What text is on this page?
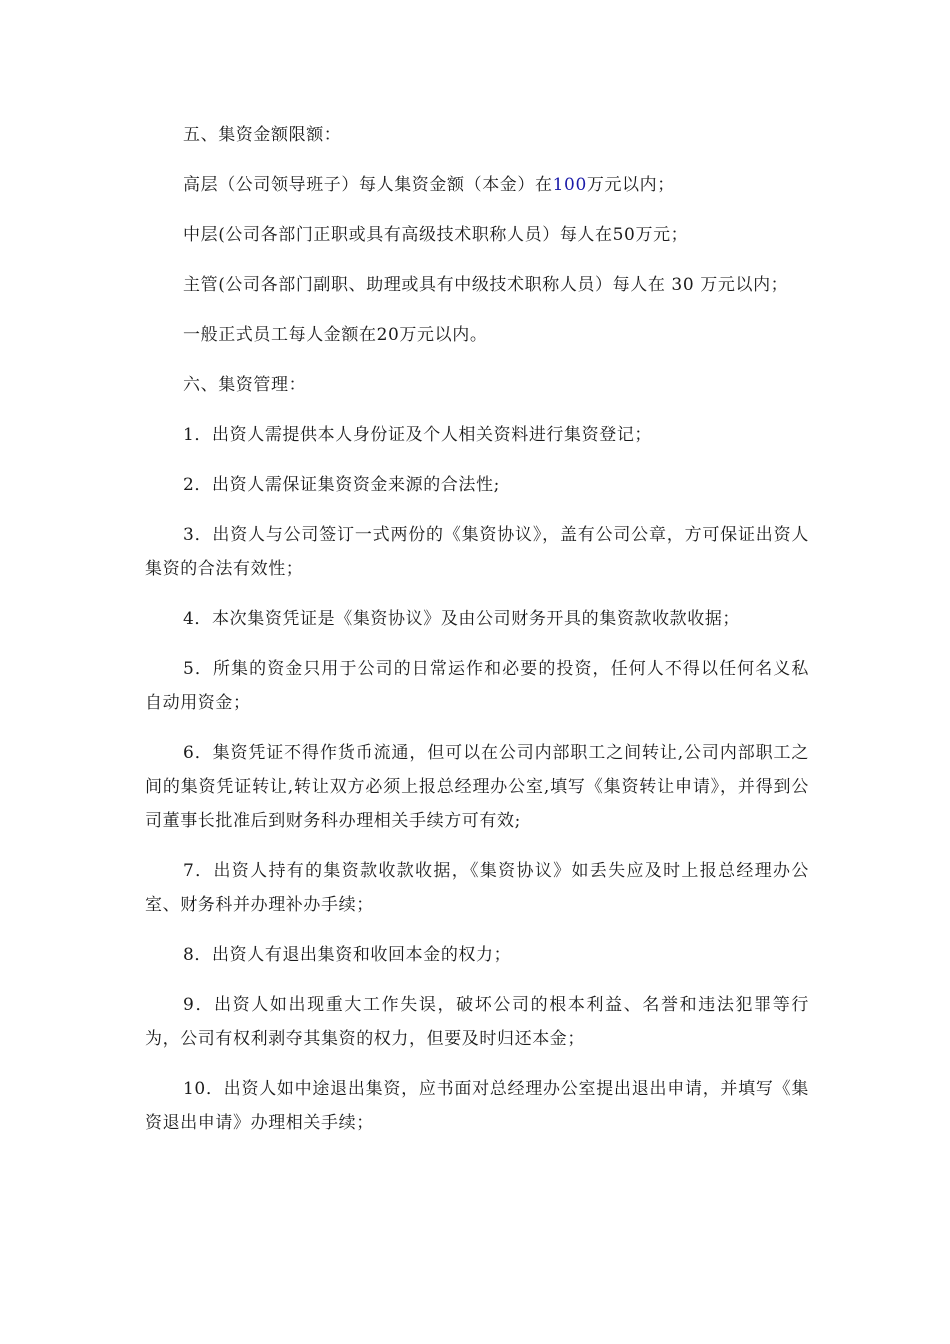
五、集资金额限额：

高层（公司领导班子）每人集资金额（本金）在100万元以内；

中层(公司各部门正职或具有高级技术职称人员）每人在50万元；

主管(公司各部门副职、助理或具有中级技术职称人员）每人在 30 万元以内；

一般正式员工每人金额在20万元以内。

六、集资管理：

1．出资人需提供本人身份证及个人相关资料进行集资登记；

2．出资人需保证集资资金来源的合法性;

3．出资人与公司签订一式两份的《集资协议》，盖有公司公章，方可保证出资人集资的合法有效性；

4．本次集资凭证是《集资协议》及由公司财务开具的集资款收款收据；

5．所集的资金只用于公司的日常运作和必要的投资，任何人不得以任何名义私自动用资金；

6．集资凭证不得作货币流通，但可以在公司内部职工之间转让,公司内部职工之间的集资凭证转让,转让双方必须上报总经理办公室,填写《集资转让申请》，并得到公司董事长批准后到财务科办理相关手续方可有效;

7．出资人持有的集资款收款收据，《集资协议》如丢失应及时上报总经理办公室、财务科并办理补办手续；

8．出资人有退出集资和收回本金的权力；

9．出资人如出现重大工作失误，破坏公司的根本利益、名誉和违法犯罪等行为，公司有权利剥夺其集资的权力，但要及时归还本金；

10．出资人如中途退出集资，应书面对总经理办公室提出退出申请，并填写《集资退出申请》办理相关手续；
